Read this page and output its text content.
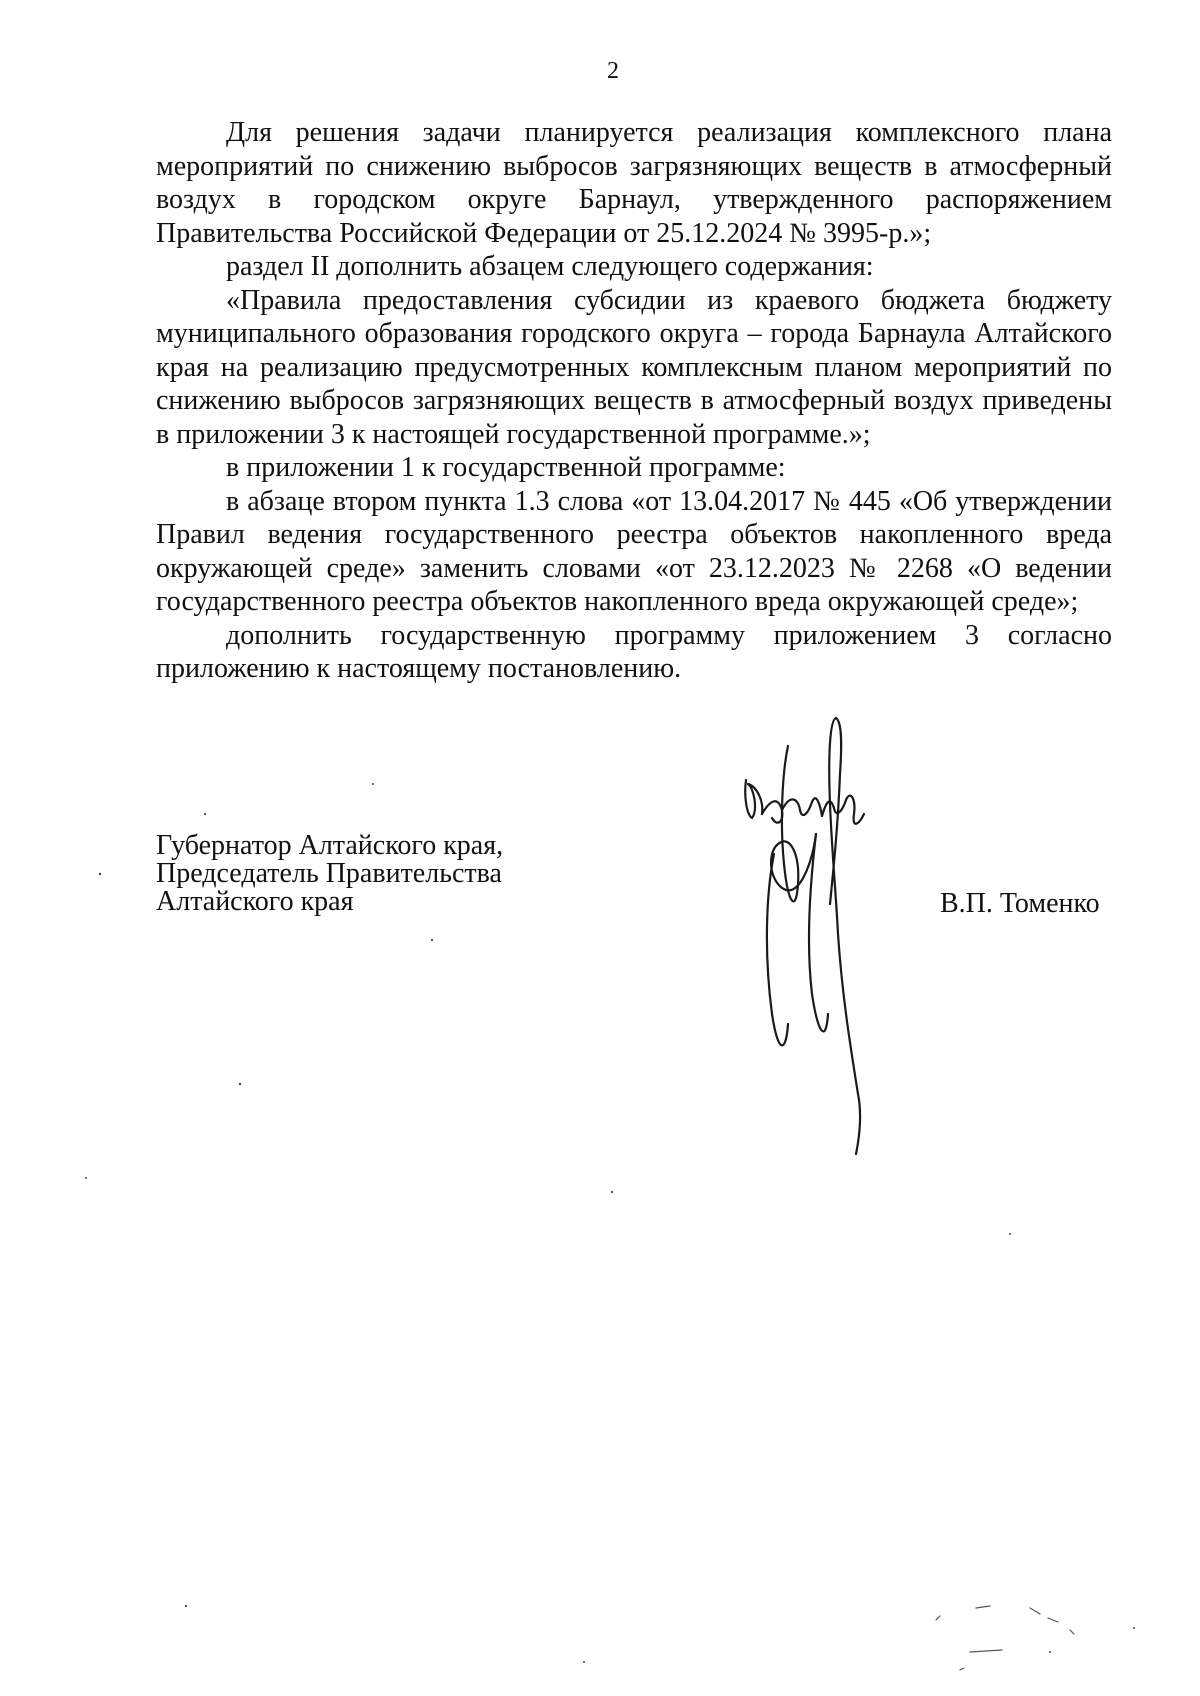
2

Для решения задачи планируется реализация комплексного плана мероприятий по снижению выбросов загрязняющих веществ в атмосферный воздух в городском округе Барнаул, утвержденного распоряжением Правительства Российской Федерации от 25.12.2024 № 3995-р.»;

раздел II дополнить абзацем следующего содержания:

«Правила предоставления субсидии из краевого бюджета бюджету муниципального образования городского округа – города Барнаула Алтайского края на реализацию предусмотренных комплексным планом мероприятий по снижению выбросов загрязняющих веществ в атмосферный воздух приведены в приложении 3 к настоящей государственной программе.»;

в приложении 1 к государственной программе:

в абзаце втором пункта 1.3 слова «от 13.04.2017 № 445 «Об утверждении Правил ведения государственного реестра объектов накопленного вреда окружающей среде» заменить словами «от 23.12.2023 № 2268 «О ведении государственного реестра объектов накопленного вреда окружающей среде»;

дополнить государственную программу приложением 3 согласно приложению к настоящему постановлению.

Губернатор Алтайского края,
Председатель Правительства
Алтайского края	В.П. Томенко
